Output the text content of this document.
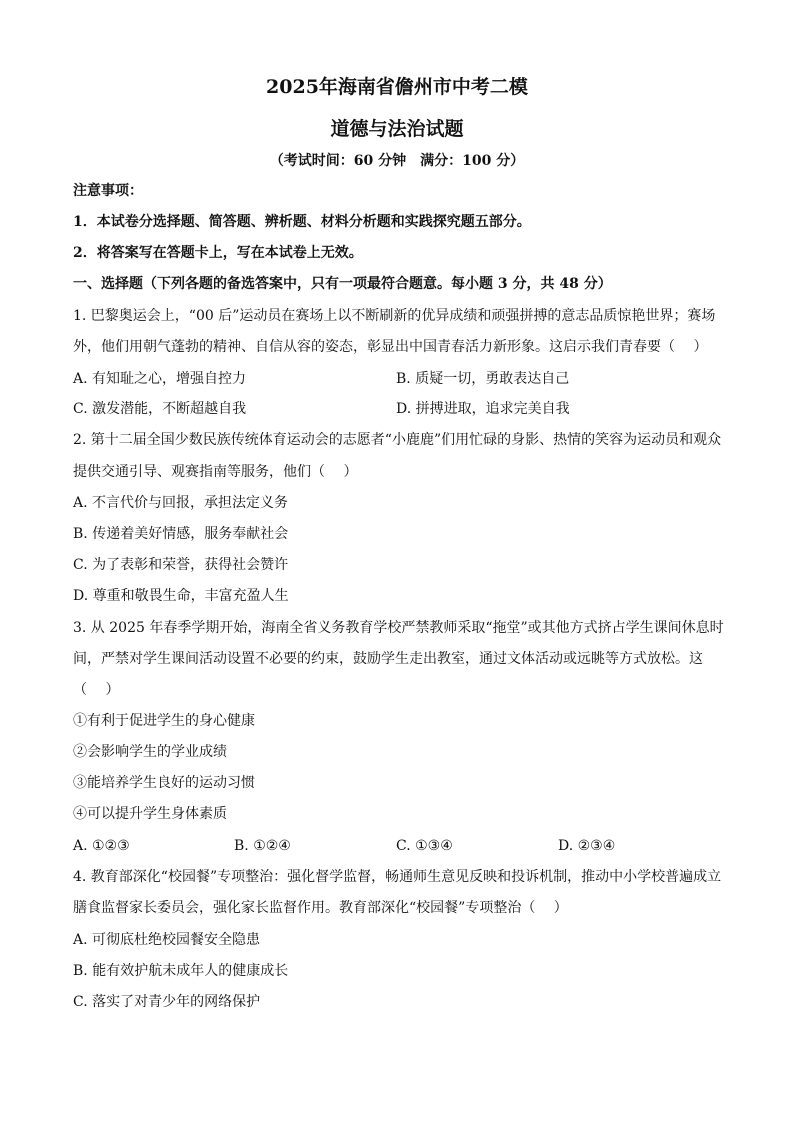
2025年海南省儋州市中考二模
道德与法治试题
（考试时间：60 分钟　满分：100 分）
注意事项：
1．本试卷分选择题、简答题、辨析题、材料分析题和实践探究题五部分。
2．将答案写在答题卡上，写在本试卷上无效。
一、选择题（下列各题的备选答案中，只有一项最符合题意。每小题 3 分，共 48 分）
1. 巴黎奥运会上，“00 后”运动员在赛场上以不断刷新的优异成绩和顽强拼搏的意志品质惊艳世界；赛场
外，他们用朝气蓬勃的精神、自信从容的姿态，彰显出中国青春活力新形象。这启示我们青春要（　 ）
A. 有知耻之心，增强自控力	B. 质疑一切，勇敢表达自己
C. 激发潜能，不断超越自我	D. 拼搏进取，追求完美自我
2. 第十二届全国少数民族传统体育运动会的志愿者“小鹿鹿”们用忙碌的身影、热情的笑容为运动员和观众
提供交通引导、观赛指南等服务，他们（　 ）
A. 不言代价与回报，承担法定义务
B. 传递着美好情感，服务奉献社会
C. 为了表彰和荣誉，获得社会赞许
D. 尊重和敬畏生命，丰富充盈人生
3. 从 2025 年春季学期开始，海南全省义务教育学校严禁教师采取“拖堂”或其他方式挤占学生课间休息时
间，严禁对学生课间活动设置不必要的约束，鼓励学生走出教室，通过文体活动或远眺等方式放松。这
（　 ）
①有利于促进学生的身心健康
②会影响学生的学业成绩
③能培养学生良好的运动习惯
④可以提升学生身体素质
A. ①②③	B. ①②④	C. ①③④	D. ②③④
4. 教育部深化“校园餐”专项整治：强化督学监督，畅通师生意见反映和投诉机制，推动中小学校普遍成立
膳食监督家长委员会，强化家长监督作用。教育部深化“校园餐”专项整治（　 ）
A. 可彻底杜绝校园餐安全隐患
B. 能有效护航未成年人的健康成长
C. 落实了对青少年的网络保护
